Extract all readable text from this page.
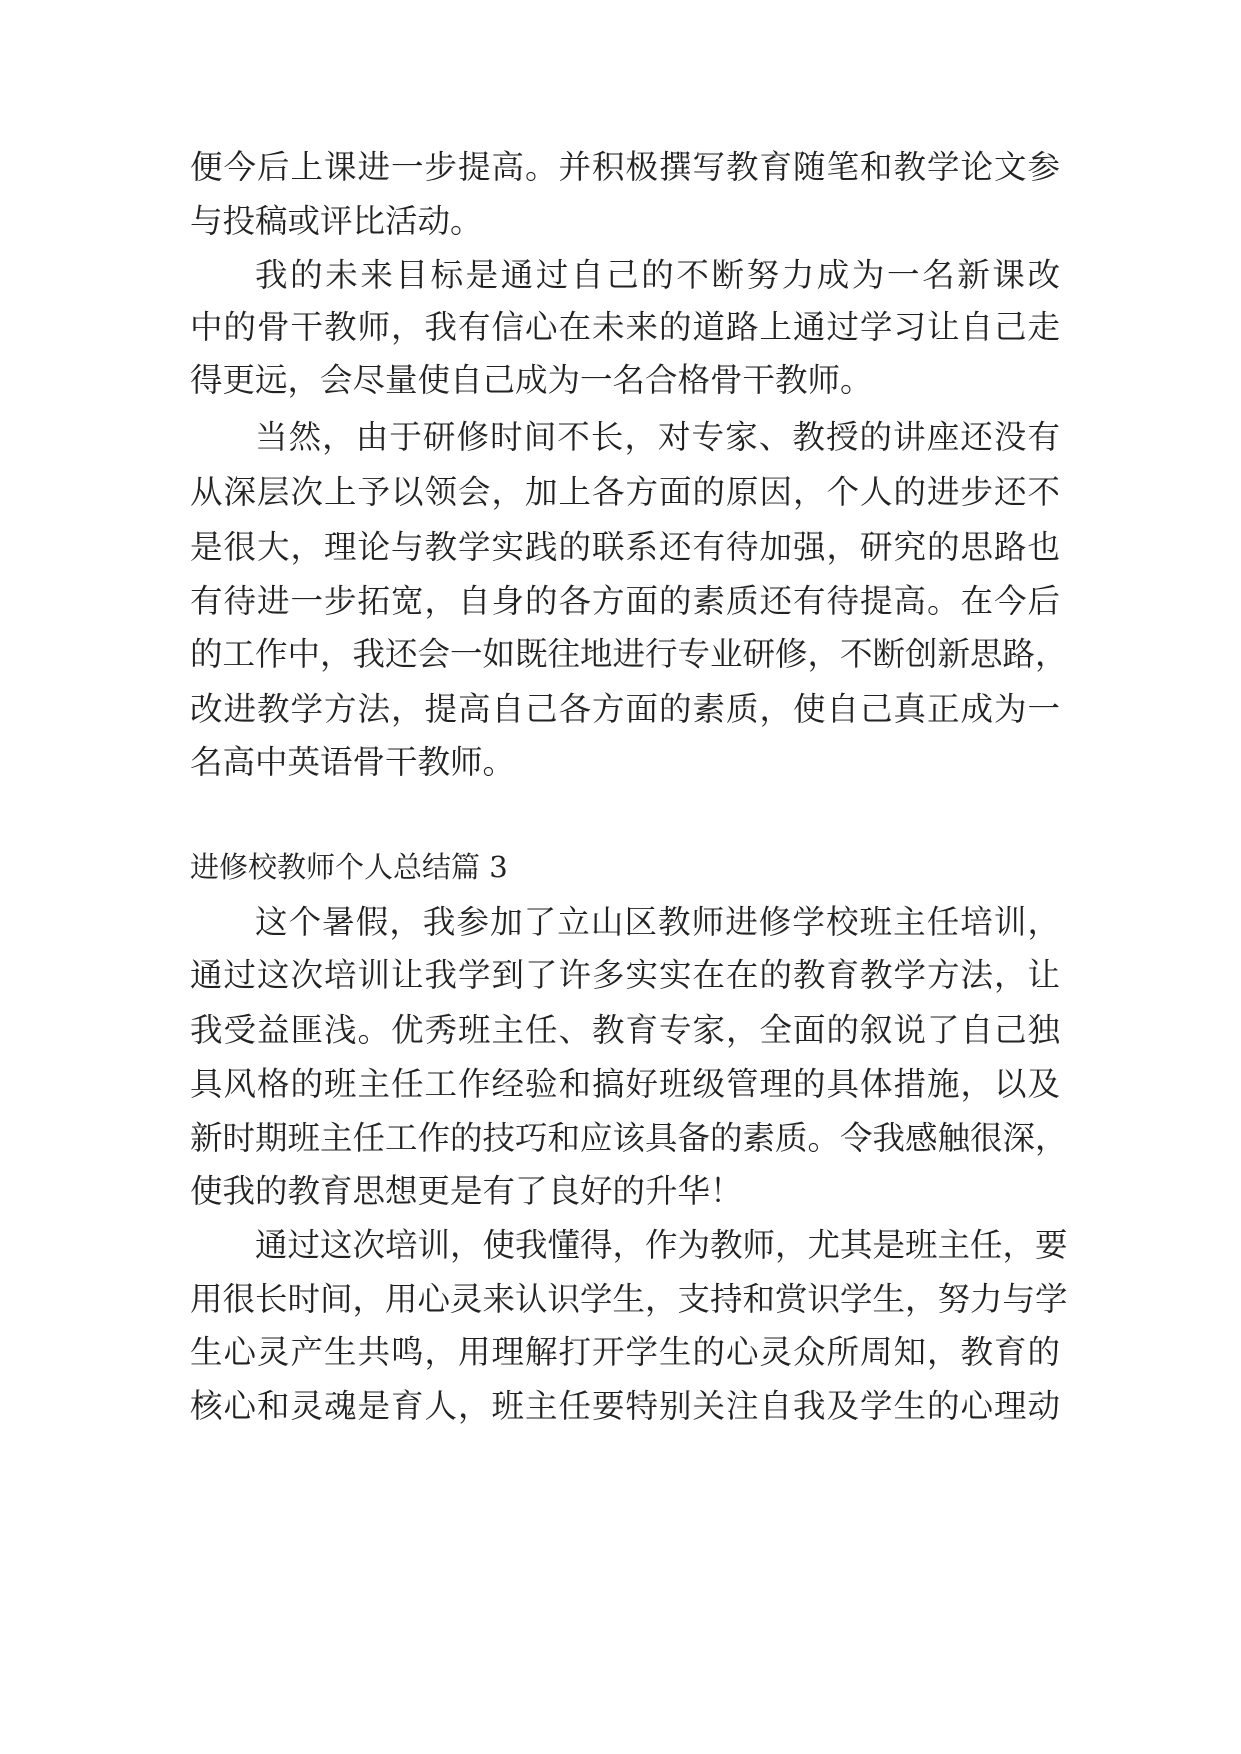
便今后上课进一步提高。并积极撰写教育随笔和教学论文参
与投稿或评比活动。
我的未来目标是通过自己的不断努力成为一名新课改
中的骨干教师，我有信心在未来的道路上通过学习让自己走
得更远，会尽量使自己成为一名合格骨干教师。
当然，由于研修时间不长，对专家、教授的讲座还没有
从深层次上予以领会，加上各方面的原因，个人的进步还不
是很大，理论与教学实践的联系还有待加强，研究的思路也
有待进一步拓宽，自身的各方面的素质还有待提高。在今后
的工作中，我还会一如既往地进行专业研修，不断创新思路，
改进教学方法，提高自己各方面的素质，使自己真正成为一
名高中英语骨干教师。
进修校教师个人总结篇 3
这个暑假，我参加了立山区教师进修学校班主任培训，
通过这次培训让我学到了许多实实在在的教育教学方法，让
我受益匪浅。优秀班主任、教育专家，全面的叙说了自己独
具风格的班主任工作经验和搞好班级管理的具体措施，以及
新时期班主任工作的技巧和应该具备的素质。令我感触很深，
使我的教育思想更是有了良好的升华！
通过这次培训，使我懂得，作为教师，尤其是班主任，要
用很长时间，用心灵来认识学生，支持和赏识学生，努力与学
生心灵产生共鸣，用理解打开学生的心灵众所周知，教育的
核心和灵魂是育人，班主任要特别关注自我及学生的心理动
